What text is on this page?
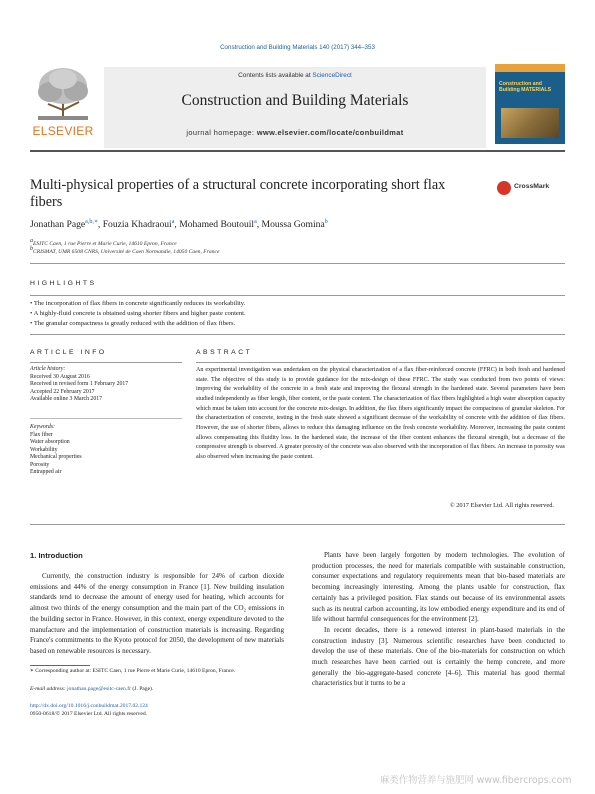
Construction and Building Materials 140 (2017) 344–353
Contents lists available at ScienceDirect
Construction and Building Materials
journal homepage: www.elsevier.com/locate/conbuildmat
ELSEVIER
Construction and Building MATERIALS
Multi-physical properties of a structural concrete incorporating short flax fibers
CrossMark
Jonathan Page$^{a,b,∗}$, Fouzia Khadraoui$^a$, Mohamed Boutouil$^a$, Moussa Gomina$^b$
$^a$ESITC Caen, 1 rue Pierre et Marie Curie, 14610 Epron, France
$^b$CRISMAT, UMR 6508 CNRS, Université de Caen Normandie, 14050 Caen, France
HIGHLIGHTS
• The incorporation of flax fibers in concrete significantly reduces its workability.
• A highly-fluid concrete is obtained using shorter fibers and higher paste content.
• The granular compactness is greatly reduced with the addition of flax fibers.
ARTICLE INFO
Article history:
Received 30 August 2016
Received in revised form 1 February 2017
Accepted 22 February 2017
Available online 3 March 2017
Keywords:
Flax fiber
Water absorption
Workability
Mechanical properties
Porosity
Entrapped air
ABSTRACT
An experimental investigation was undertaken on the physical characterization of a flax fiber-reinforced concrete (FFRC) in both fresh and hardened state. The objective of this study is to provide guidance for the mix-design of these FFRC. The study was conducted from two points of views: improving the workability of the concrete in a fresh state and improving the flexural strength in the hardened state. Several parameters have been studied independently as fiber length, fiber content, or the paste content. The characterization of flax fibers highlighted a high water absorption capacity which must be taken into account for the concrete mix-design. In addition, the flax fibers significantly impact the compactness of granular skeleton. For the characterization of concrete, testing in the fresh state showed a significant decrease of the workability of concrete with the addition of flax fibers. However, the use of shorter fibers, allows to reduce this damaging influence on the fresh concrete workability. Moreover, increasing the paste content allows compensating this fluidity loss. In the hardened state, the increase of the fiber content enhances the flexural strength, but a decrease of the compressive strength is observed. A greater porosity of the concrete was also observed with the incorporation of flax fibers. An increase in porosity was also observed when increasing the paste content.
© 2017 Elsevier Ltd. All rights reserved.
1. Introduction
Currently, the construction industry is responsible for 24% of carbon dioxide emissions and 44% of the energy consumption in France [1]. New building insulation standards tend to decrease the amount of energy used for heating, which accounts for almost two thirds of the energy consumption and the main part of the CO₂ emissions in the building sector in France. However, in this context, energy expenditure devoted to the manufacture and the implementation of construction materials is increasing. Regarding France's commitments to the Kyoto protocol for 2050, the development of new materials based on renewable resources is necessary.

Plants have been largely forgotten by modern technologies. The evolution of production processes, the need for materials compatible with sustainable construction, consumer expectations and regulatory requirements mean that bio-based materials are becoming increasingly interesting. Among the plants usable for construction, flax certainly has a privileged position. Flax stands out because of its environmental assets such as its neutral carbon accounting, its low embodied energy expenditure and its end of life without harmful consequences for the environment [2].

In recent decades, there is a renewed interest in plant-based materials in the construction industry [3]. Numerous scientific researches have been conducted to develop the use of these materials. One of the bio-materials for construction on which much researches have been carried out is certainly the hemp concrete, and more generally the bio-aggregate-based concrete [4–6]. This material has good thermal characteristics but it turns to be a

∗ Corresponding author at: ESITC Caen, 1 rue Pierre et Marie Curie, 14610 Epron, France.
E-mail address: jonathan.page@esitc-caen.fr (J. Page).
http://dx.doi.org/10.1016/j.conbuildmat.2017.02.124
0950-0618/© 2017 Elsevier Ltd. All rights reserved.
麻类作物营养与施肥网 www.fibercrops.com
